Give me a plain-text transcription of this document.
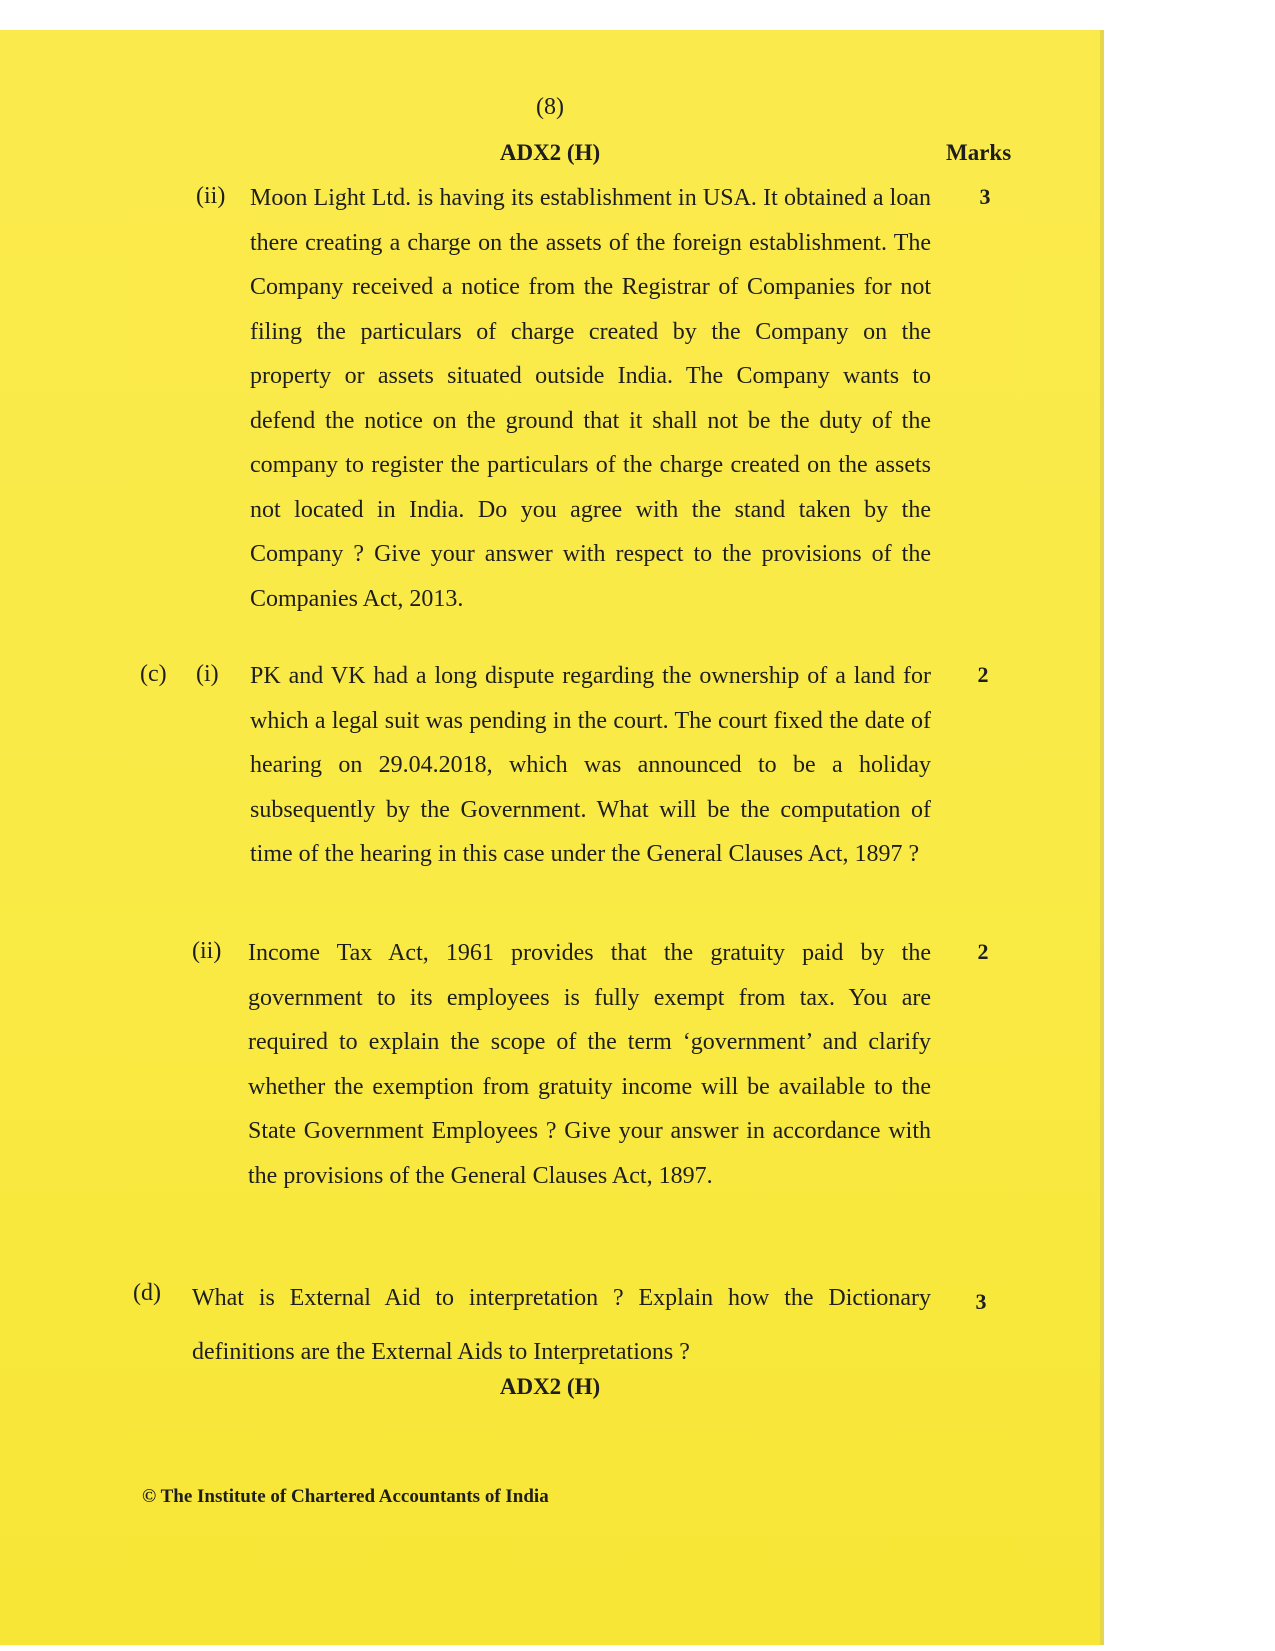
(8)
ADX2 (H)	Marks
(ii) Moon Light Ltd. is having its establishment in USA. It obtained a loan there creating a charge on the assets of the foreign establishment. The Company received a notice from the Registrar of Companies for not filing the particulars of charge created by the Company on the property or assets situated outside India. The Company wants to defend the notice on the ground that it shall not be the duty of the company to register the particulars of the charge created on the assets not located in India. Do you agree with the stand taken by the Company ? Give your answer with respect to the provisions of the Companies Act, 2013.

3
(c) (i) PK and VK had a long dispute regarding the ownership of a land for which a legal suit was pending in the court. The court fixed the date of hearing on 29.04.2018, which was announced to be a holiday subsequently by the Government. What will be the computation of time of the hearing in this case under the General Clauses Act, 1897 ?

2
(ii) Income Tax Act, 1961 provides that the gratuity paid by the government to its employees is fully exempt from tax. You are required to explain the scope of the term ‘government’ and clarify whether the exemption from gratuity income will be available to the State Government Employees ? Give your answer in accordance with the provisions of the General Clauses Act, 1897.

2
(d) What is External Aid to interpretation ? Explain how the Dictionary definitions are the External Aids to Interpretations ?

3
ADX2 (H)
© The Institute of Chartered Accountants of India
